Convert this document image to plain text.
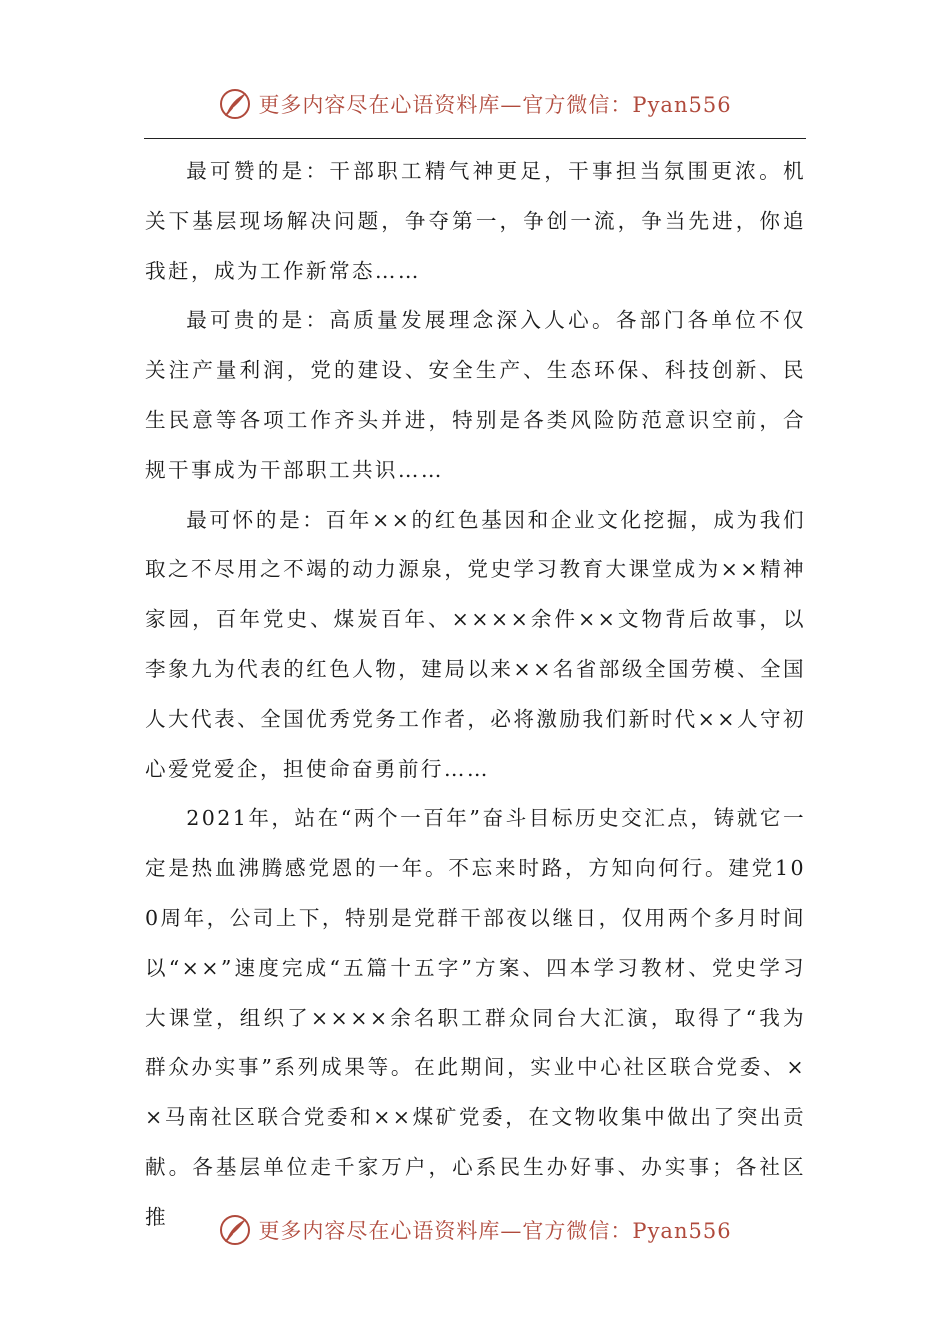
更多内容尽在心语资料库—官方微信：Pyan556

最可赞的是：干部职工精气神更足，干事担当氛围更浓。机关下基层现场解决问题，争夺第一，争创一流，争当先进，你追我赶，成为工作新常态……

最可贵的是：高质量发展理念深入人心。各部门各单位不仅关注产量利润，党的建设、安全生产、生态环保、科技创新、民生民意等各项工作齐头并进，特别是各类风险防范意识空前，合规干事成为干部职工共识……

最可怀的是：百年××的红色基因和企业文化挖掘，成为我们取之不尽用之不竭的动力源泉，党史学习教育大课堂成为××精神家园，百年党史、煤炭百年、××××余件××文物背后故事，以李象九为代表的红色人物，建局以来××名省部级全国劳模、全国人大代表、全国优秀党务工作者，必将激励我们新时代××人守初心爱党爱企，担使命奋勇前行……

2021年，站在“两个一百年”奋斗目标历史交汇点，铸就它一定是热血沸腾感党恩的一年。不忘来时路，方知向何行。建党100周年，公司上下，特别是党群干部夜以继日，仅用两个多月时间以“××”速度完成“五篇十五字”方案、四本学习教材、党史学习大课堂，组织了××××余名职工群众同台大汇演，取得了“我为群众办实事”系列成果等。在此期间，实业中心社区联合党委、××马南社区联合党委和××煤矿党委，在文物收集中做出了突出贡献。各基层单位走千家万户，心系民生办好事、办实事；各社区推

更多内容尽在心语资料库—官方微信：Pyan556
